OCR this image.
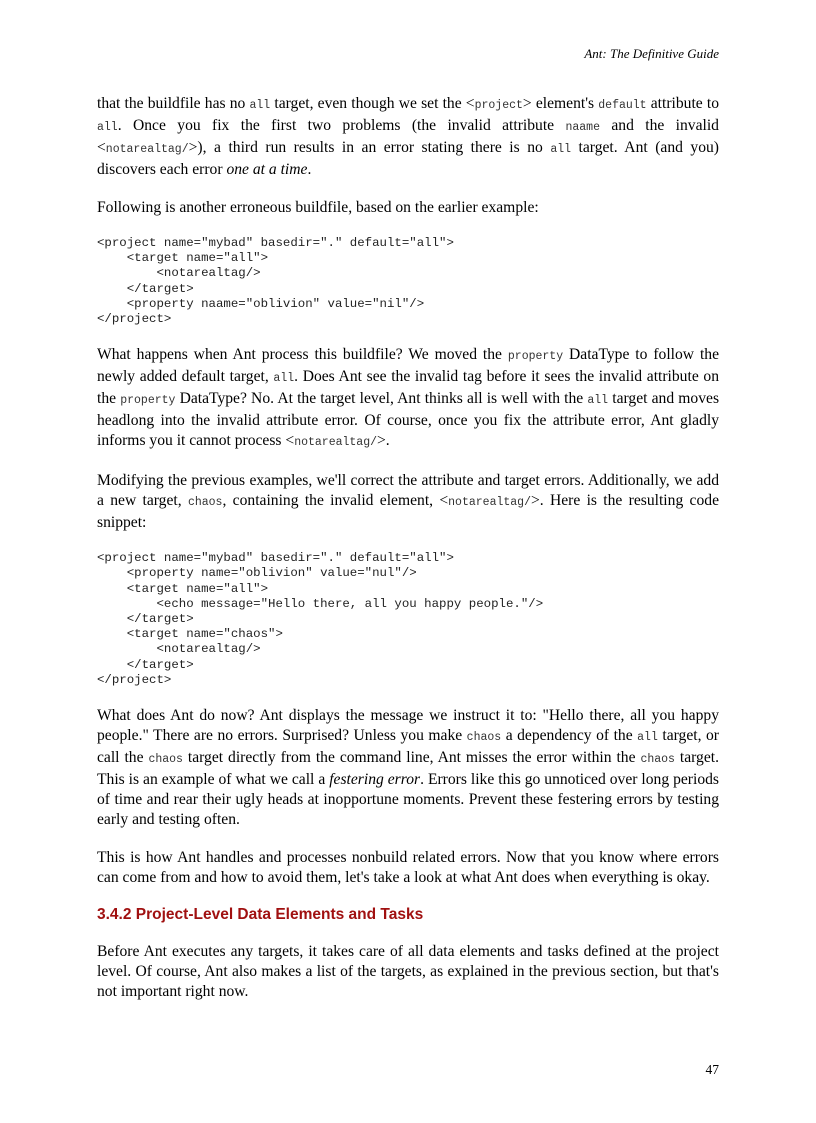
Ant: The Definitive Guide

that the buildfile has no all target, even though we set the <project> element's default attribute to all. Once you fix the first two problems (the invalid attribute naame and the invalid <notarealtag/>), a third run results in an error stating there is no all target. Ant (and you) discovers each error one at a time.

Following is another erroneous buildfile, based on the earlier example:

<project name="mybad" basedir="." default="all">
<target name="all">
<notarealtag/>
</target>
<property naame="oblivion" value="nil"/>
</project>

What happens when Ant process this buildfile? We moved the property DataType to follow the newly added default target, all. Does Ant see the invalid tag before it sees the invalid attribute on the property DataType? No. At the target level, Ant thinks all is well with the all target and moves headlong into the invalid attribute error. Of course, once you fix the attribute error, Ant gladly informs you it cannot process <notarealtag/>.

Modifying the previous examples, we'll correct the attribute and target errors. Additionally, we add a new target, chaos, containing the invalid element, <notarealtag/>. Here is the resulting code snippet:

<project name="mybad" basedir="." default="all">
<property name="oblivion" value="nul"/>
<target name="all">
<echo message="Hello there, all you happy people."/>
</target>
<target name="chaos">
<notarealtag/>
</target>
</project>

What does Ant do now? Ant displays the message we instruct it to: "Hello there, all you happy people." There are no errors. Surprised? Unless you make chaos a dependency of the all target, or call the chaos target directly from the command line, Ant misses the error within the chaos target. This is an example of what we call a festering error. Errors like this go unnoticed over long periods of time and rear their ugly heads at inopportune moments. Prevent these festering errors by testing early and testing often.

This is how Ant handles and processes nonbuild related errors. Now that you know where errors can come from and how to avoid them, let's take a look at what Ant does when everything is okay.

3.4.2 Project-Level Data Elements and Tasks

Before Ant executes any targets, it takes care of all data elements and tasks defined at the project level. Of course, Ant also makes a list of the targets, as explained in the previous section, but that's not important right now.

47
